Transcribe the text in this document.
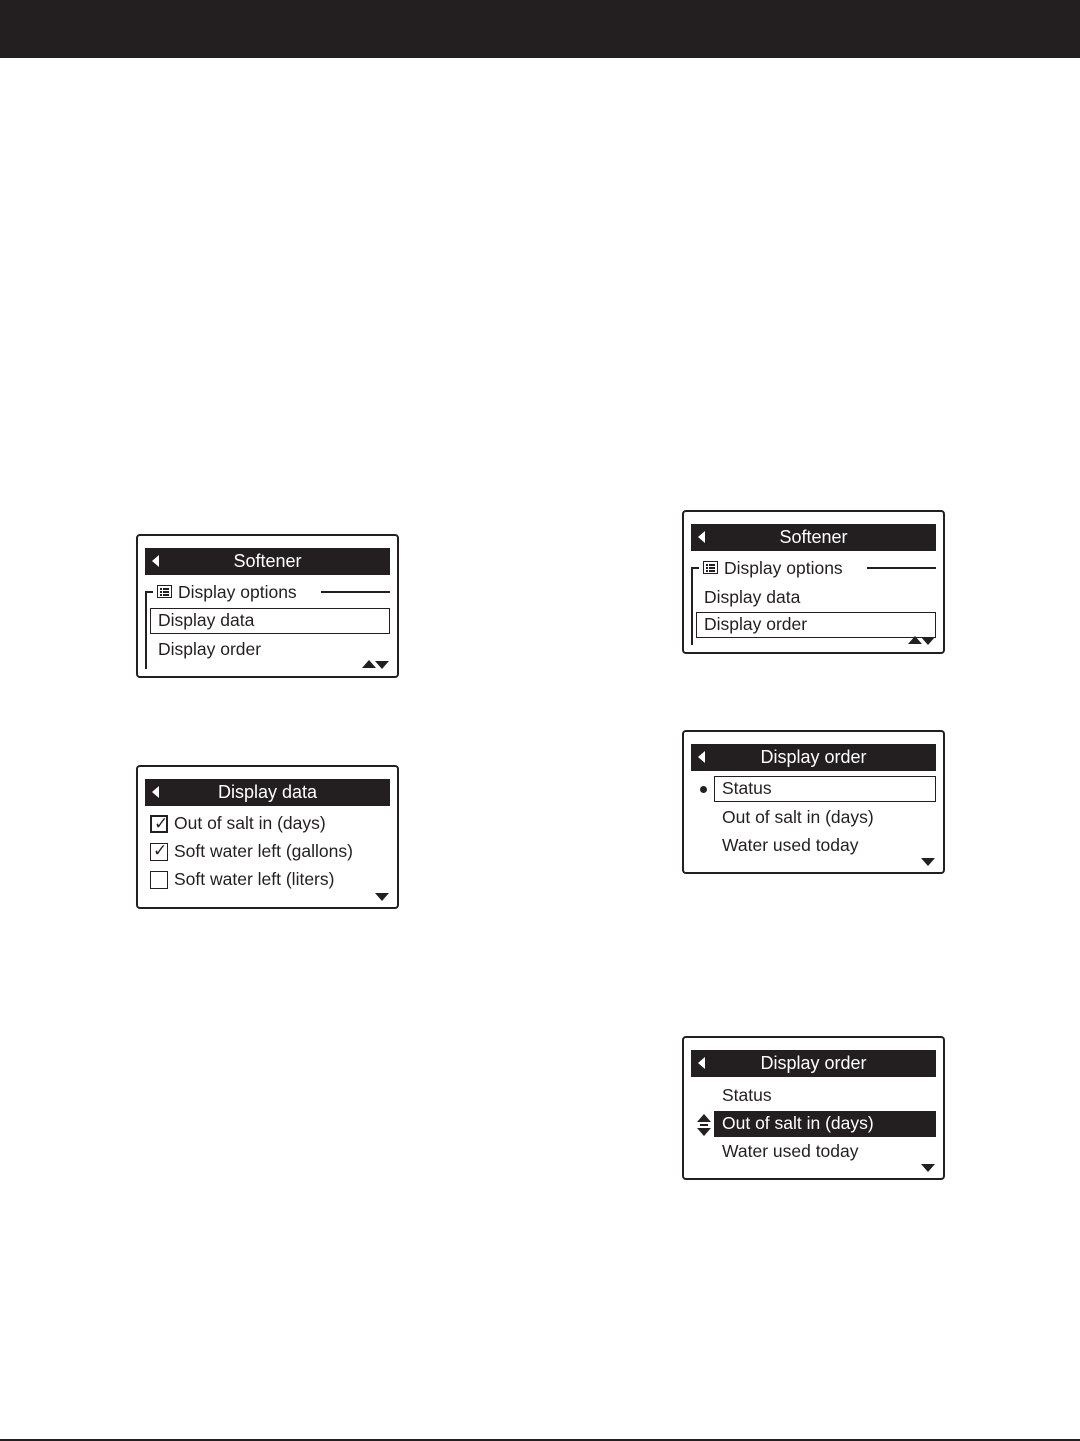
Softener
Display options
Display data
Display order
Display data
✓ Out of salt in (days)
✓ Soft water left (gallons)
Soft water left (liters)
Softener
Display options
Display data
Display order
Display order
Status
Out of salt in (days)
Water used today
Display order
Status
Out of salt in (days)
Water used today
